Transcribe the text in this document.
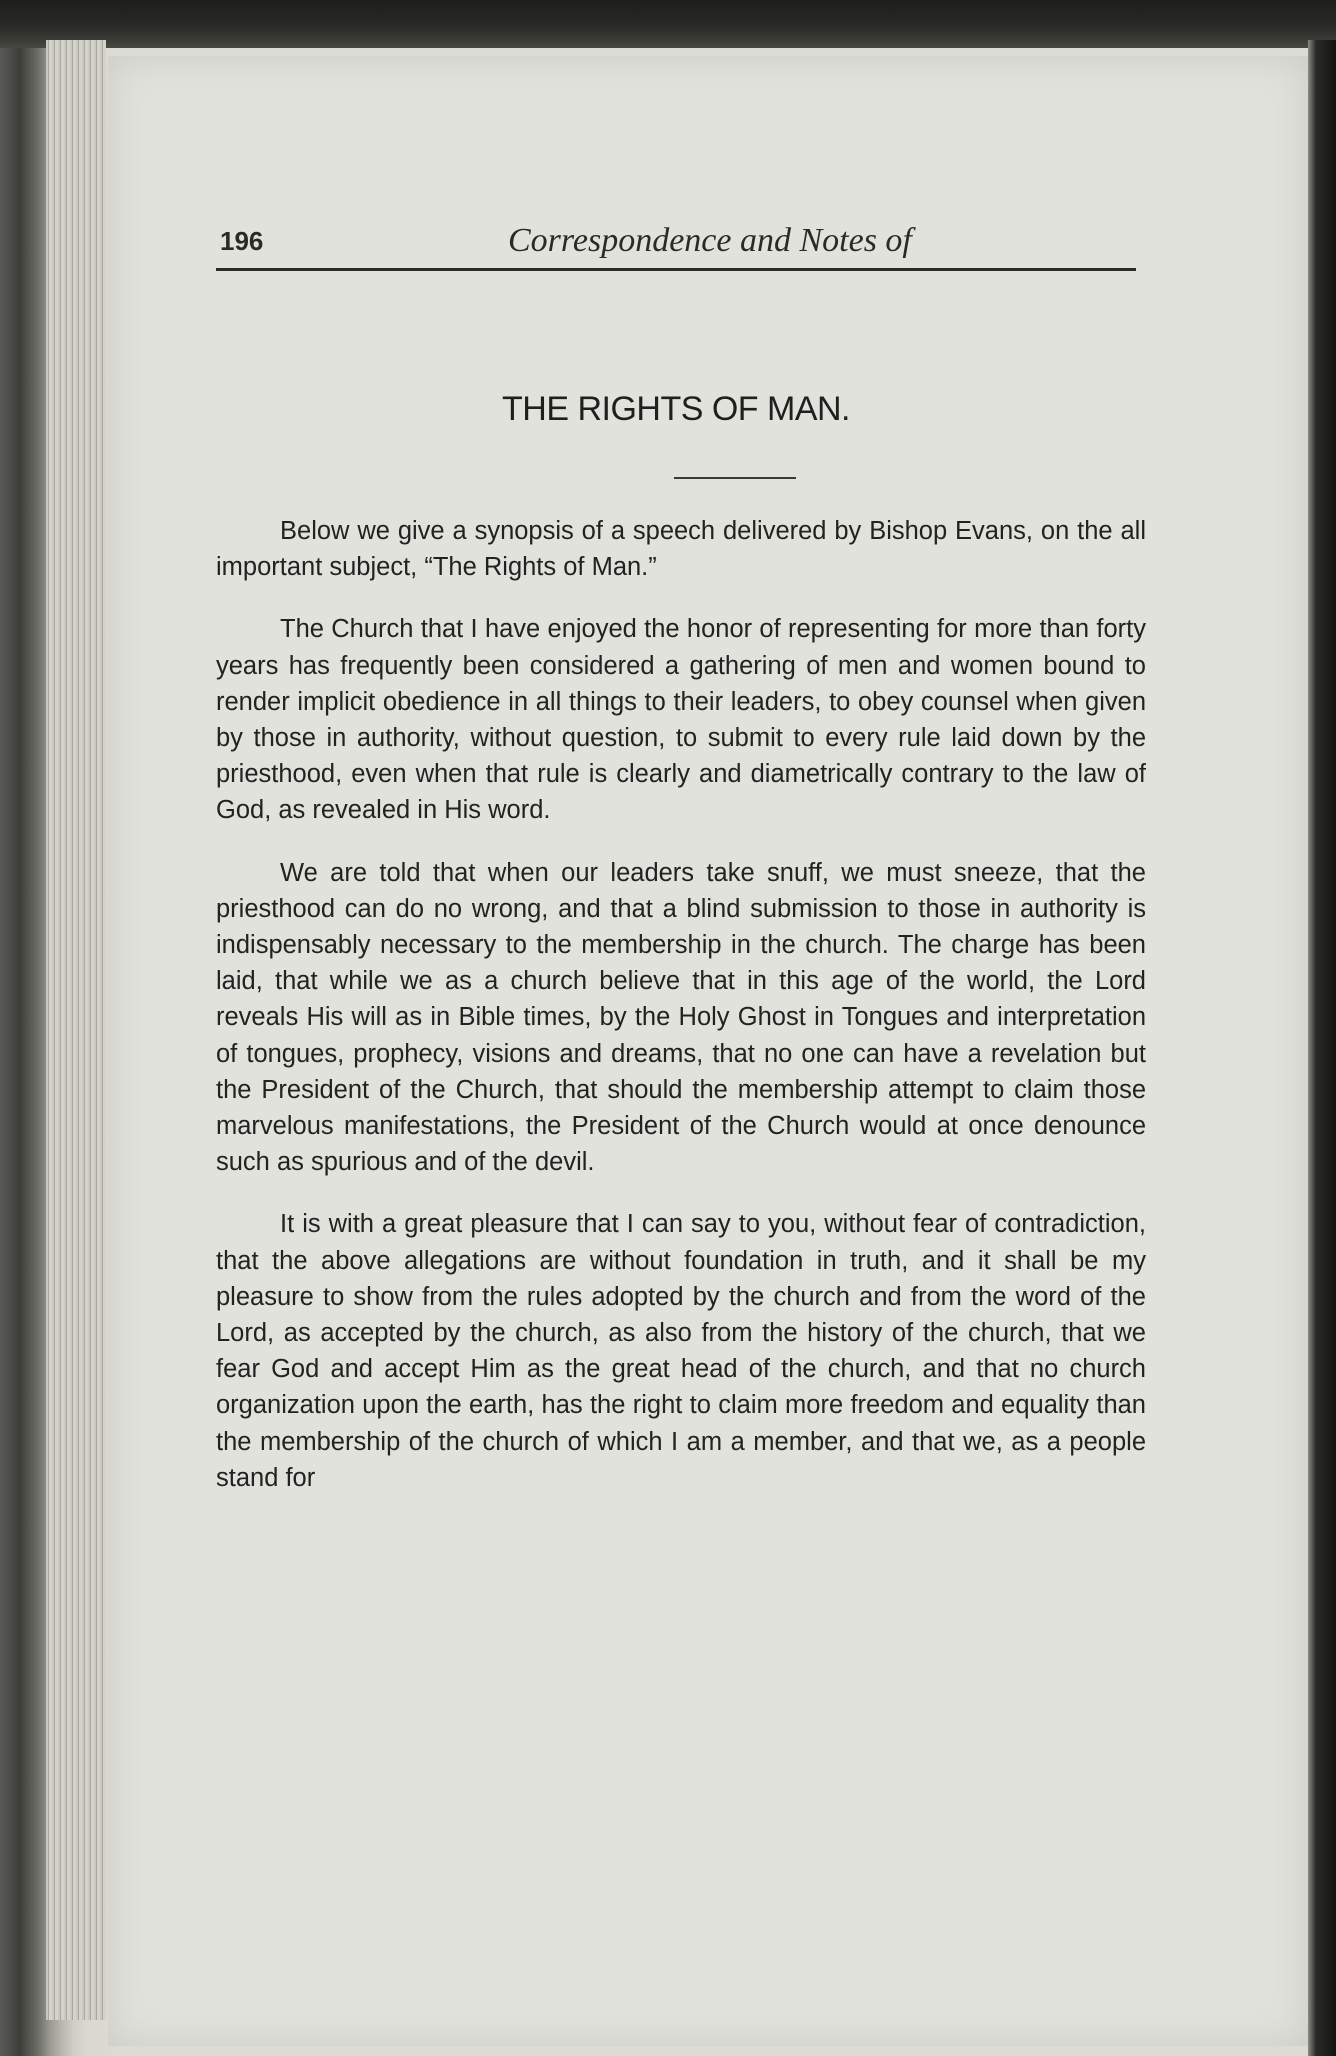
196	Correspondence and Notes of
THE RIGHTS OF MAN.

Below we give a synopsis of a speech delivered by Bishop Evans, on the all important subject, “The Rights of Man.”

The Church that I have enjoyed the honor of representing for more than forty years has frequently been considered a gathering of men and women bound to render implicit obedience in all things to their leaders, to obey counsel when given by those in authority, without question, to submit to every rule laid down by the priesthood, even when that rule is clearly and diametrically contrary to the law of God, as revealed in His word.

We are told that when our leaders take snuff, we must sneeze, that the priesthood can do no wrong, and that a blind submission to those in authority is indispensably necessary to the membership in the church. The charge has been laid, that while we as a church believe that in this age of the world, the Lord reveals His will as in Bible times, by the Holy Ghost in Tongues and interpretation of tongues, prophecy, visions and dreams, that no one can have a revelation but the President of the Church, that should the membership attempt to claim those marvelous manifestations, the President of the Church would at once denounce such as spurious and of the devil.

It is with a great pleasure that I can say to you, without fear of contradiction, that the above allegations are without foundation in truth, and it shall be my pleasure to show from the rules adopted by the church and from the word of the Lord, as accepted by the church, as also from the history of the church, that we fear God and accept Him as the great head of the church, and that no church organization upon the earth, has the right to claim more freedom and equality than the membership of the church of which I am a member, and that we, as a people stand for
